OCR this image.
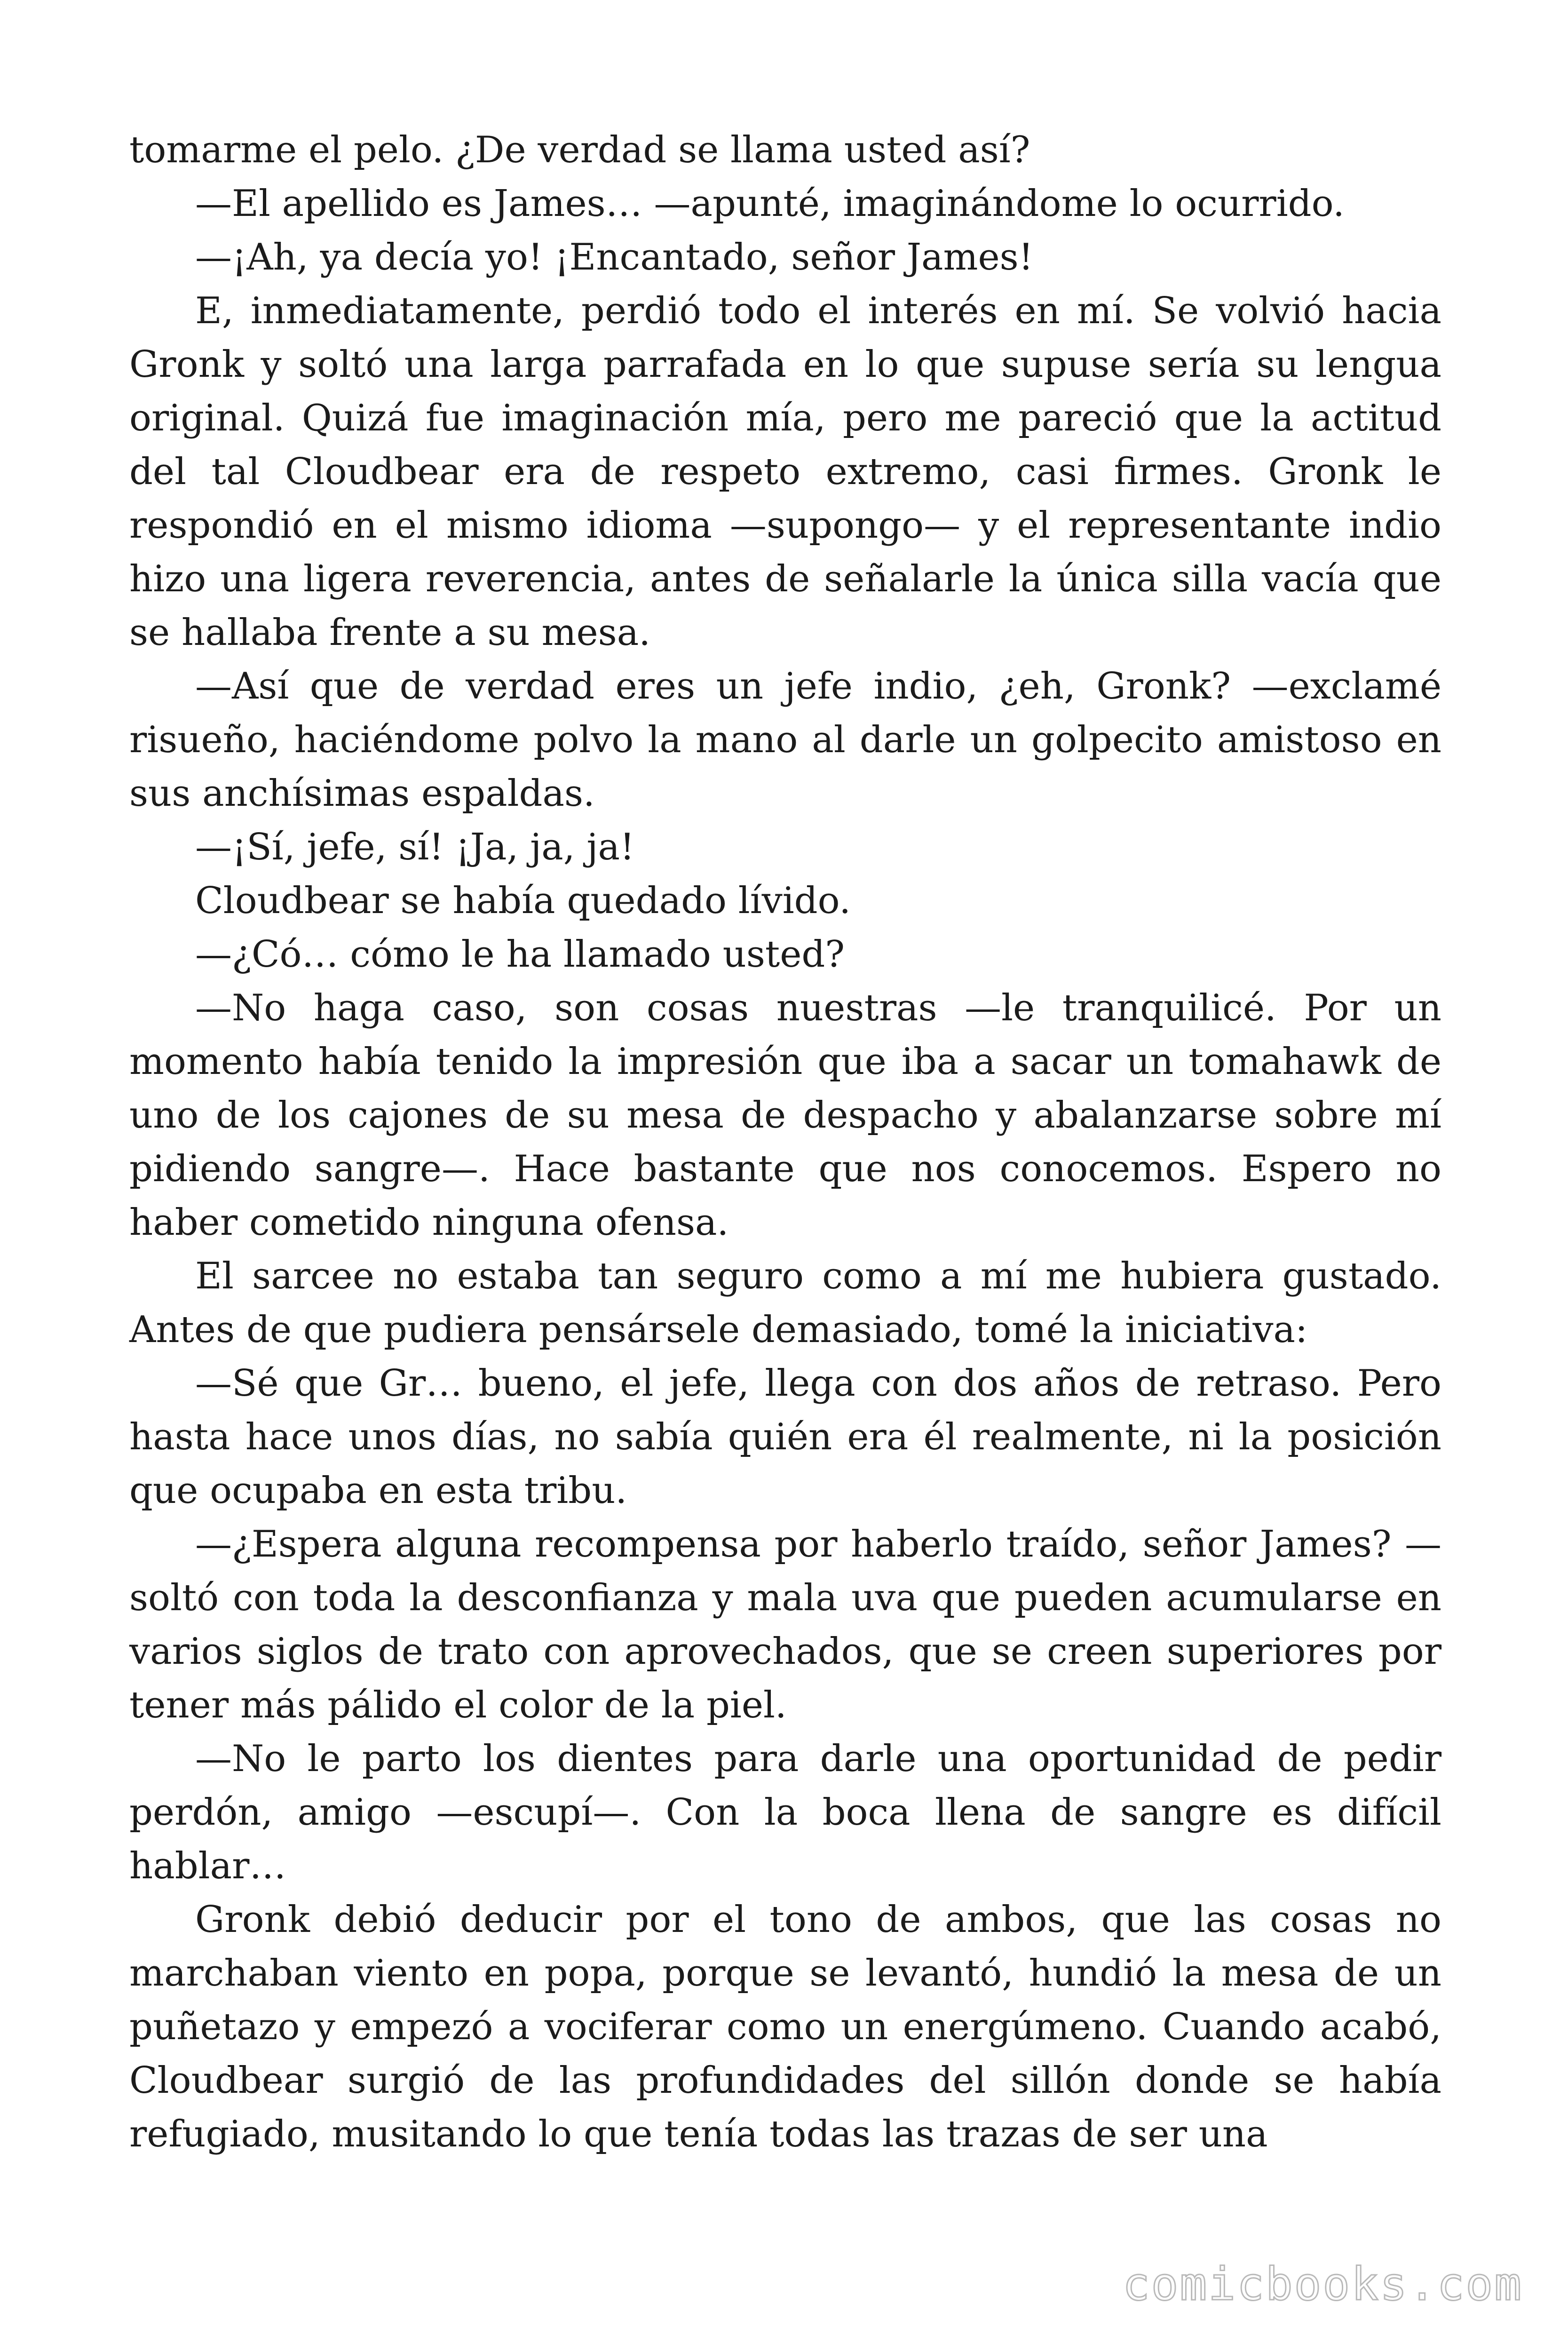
tomarme el pelo. ¿De verdad se llama usted así?

—El apellido es James… —apunté, imaginándome lo ocurrido.

—¡Ah, ya decía yo! ¡Encantado, señor James!

E, inmediatamente, perdió todo el interés en mí. Se volvió hacia Gronk y soltó una larga parrafada en lo que supuse sería su lengua original. Quizá fue imaginación mía, pero me pareció que la actitud del tal Cloudbear era de respeto extremo, casi firmes. Gronk le respondió en el mismo idioma —supongo— y el representante indio hizo una ligera reverencia, antes de señalarle la única silla vacía que se hallaba frente a su mesa.

—Así que de verdad eres un jefe indio, ¿eh, Gronk? —exclamé risueño, haciéndome polvo la mano al darle un golpecito amistoso en sus anchísimas espaldas.

—¡Sí, jefe, sí! ¡Ja, ja, ja!

Cloudbear se había quedado lívido.

—¿Có… cómo le ha llamado usted?

—No haga caso, son cosas nuestras —le tranquilicé. Por un momento había tenido la impresión que iba a sacar un tomahawk de uno de los cajones de su mesa de despacho y abalanzarse sobre mí pidiendo sangre—. Hace bastante que nos conocemos. Espero no haber cometido ninguna ofensa.

El sarcee no estaba tan seguro como a mí me hubiera gustado. Antes de que pudiera pensársele demasiado, tomé la iniciativa:

—Sé que Gr… bueno, el jefe, llega con dos años de retraso. Pero hasta hace unos días, no sabía quién era él realmente, ni la posición que ocupaba en esta tribu.

—¿Espera alguna recompensa por haberlo traído, señor James? —soltó con toda la desconfianza y mala uva que pueden acumularse en varios siglos de trato con aprovechados, que se creen superiores por tener más pálido el color de la piel.

—No le parto los dientes para darle una oportunidad de pedir perdón, amigo —escupí—. Con la boca llena de sangre es difícil hablar…

Gronk debió deducir por el tono de ambos, que las cosas no marchaban viento en popa, porque se levantó, hundió la mesa de un puñetazo y empezó a vociferar como un energúmeno. Cuando acabó, Cloudbear surgió de las profundidades del sillón donde se había refugiado, musitando lo que tenía todas las trazas de ser una

comicbooks.com
